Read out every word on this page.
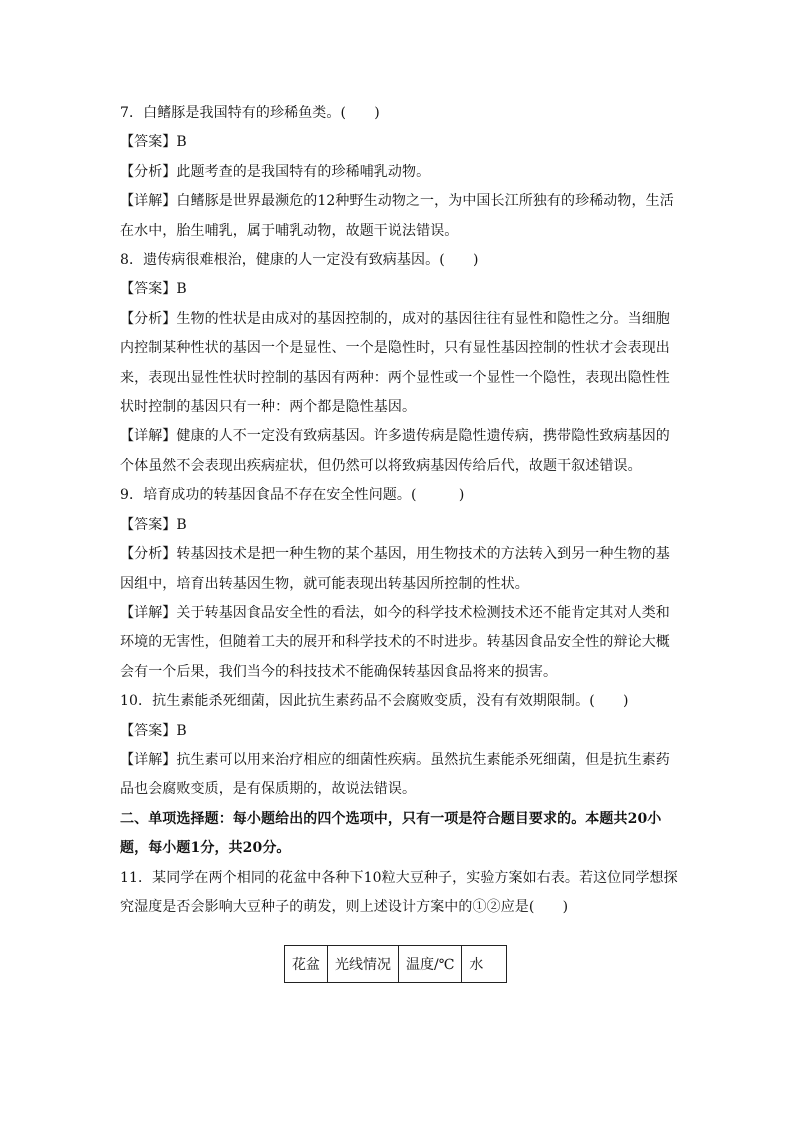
7．白鳍豚是我国特有的珍稀鱼类。(　　)

【答案】B

【分析】此题考查的是我国特有的珍稀哺乳动物。

【详解】白鳍豚是世界最濒危的12种野生动物之一，为中国长江所独有的珍稀动物，生活

在水中，胎生哺乳，属于哺乳动物，故题干说法错误。

8．遗传病很难根治，健康的人一定没有致病基因。(　　)

【答案】B

【分析】生物的性状是由成对的基因控制的，成对的基因往往有显性和隐性之分。当细胞

内控制某种性状的基因一个是显性、一个是隐性时，只有显性基因控制的性状才会表现出

来，表现出显性性状时控制的基因有两种：两个显性或一个显性一个隐性，表现出隐性性

状时控制的基因只有一种：两个都是隐性基因。

【详解】健康的人不一定没有致病基因。许多遗传病是隐性遗传病，携带隐性致病基因的

个体虽然不会表现出疾病症状，但仍然可以将致病基因传给后代，故题干叙述错误。

9．培育成功的转基因食品不存在安全性问题。(　　　)

【答案】B

【分析】转基因技术是把一种生物的某个基因，用生物技术的方法转入到另一种生物的基

因组中，培育出转基因生物，就可能表现出转基因所控制的性状。

【详解】关于转基因食品安全性的看法，如今的科学技术检测技术还不能肯定其对人类和

环境的无害性，但随着工夫的展开和科学技术的不时进步。转基因食品安全性的辩论大概

会有一个后果，我们当今的科技技术不能确保转基因食品将来的损害。

10．抗生素能杀死细菌，因此抗生素药品不会腐败变质，没有有效期限制。(　　)

【答案】B

【详解】抗生素可以用来治疗相应的细菌性疾病。虽然抗生素能杀死细菌，但是抗生素药

品也会腐败变质，是有保质期的，故说法错误。

二、单项选择题：每小题给出的四个选项中，只有一项是符合题目要求的。本题共20小

题，每小题1分，共20分。

11．某同学在两个相同的花盆中各种下10粒大豆种子，实验方案如右表。若这位同学想探

究湿度是否会影响大豆种子的萌发，则上述设计方案中的①②应是(　　)

花盆	光线情况	温度/℃	水
